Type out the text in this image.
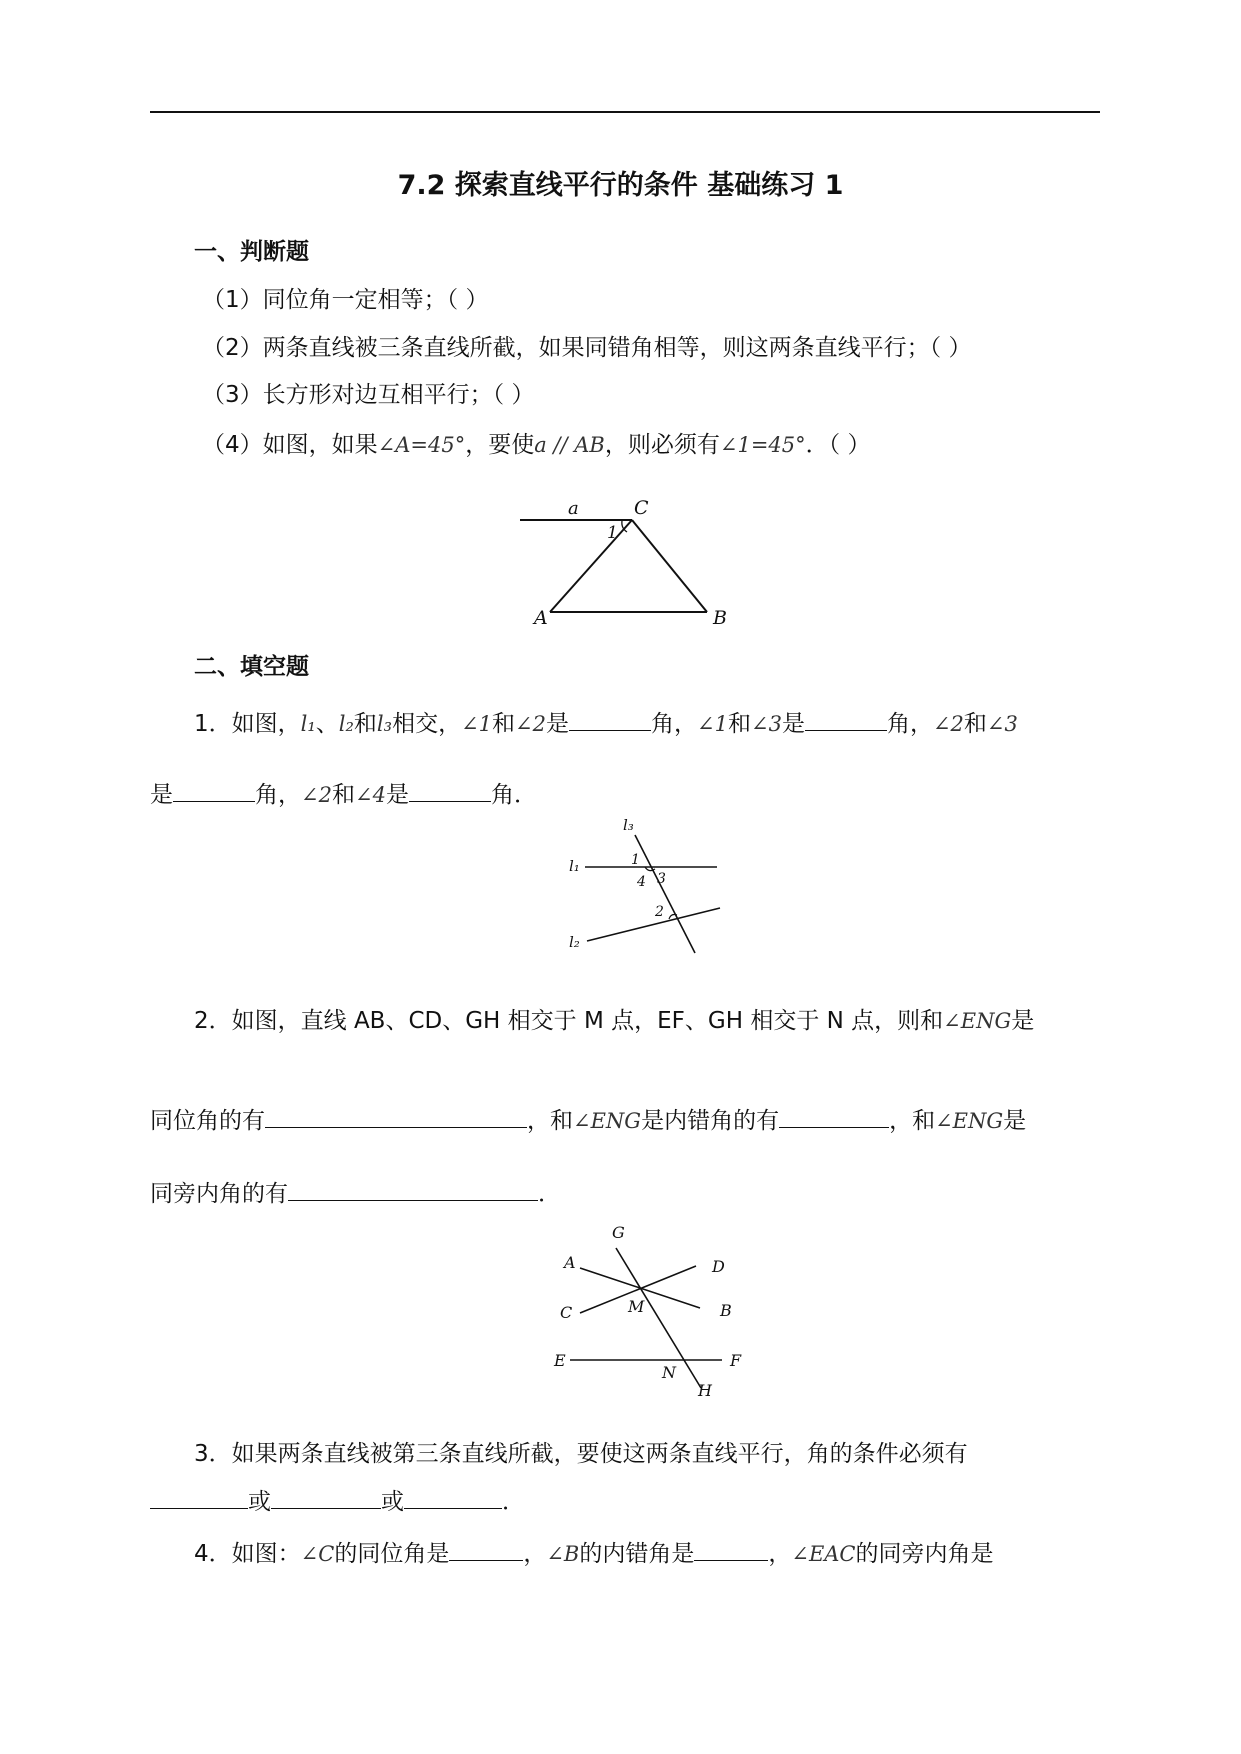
7.2 探索直线平行的条件 基础练习 1
一、判断题
（1）同位角一定相等；（ ）
（2）两条直线被三条直线所截，如果同错角相等，则这两条直线平行；（ ）
（3）长方形对边互相平行；（ ）
（4）如图，如果∠A=45°，要使a // AB，则必须有∠1=45°．（ ）
a	C
1
A	B
二、填空题
1．如图，l₁、l₂和l₃相交，∠1和∠2是	角，∠1和∠3是	角，∠2和∠3
是	角，∠2和∠4是	角．
l₃
l₁
l₂
1
3
4
2
2．如图，直线 AB、CD、GH 相交于 M 点，EF、GH 相交于 N 点，则和∠ENG是
同位角的有	，和∠ENG是内错角的有	，和∠ENG是
同旁内角的有	．
G
A	D
C	M	B
E	F
N
H
3．如果两条直线被第三条直线所截，要使这两条直线平行，角的条件必须有
或	或	．
4．如图：∠C的同位角是	，∠B的内错角是	，∠EAC的同旁内角是
